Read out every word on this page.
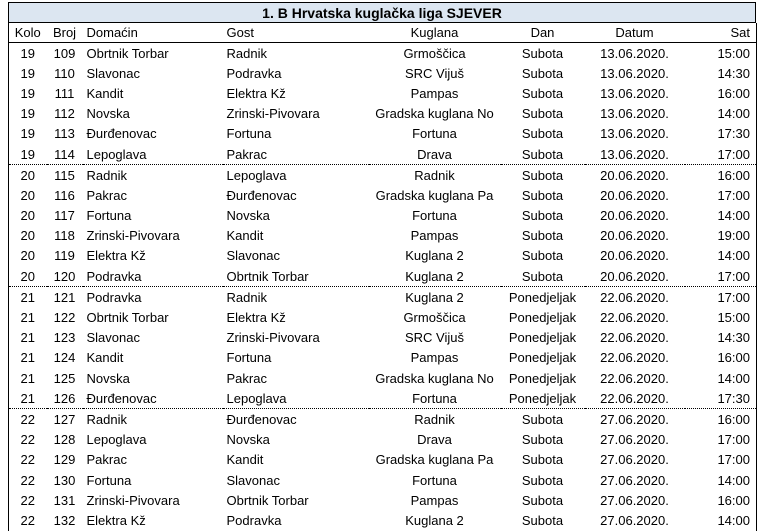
1. B Hrvatska kuglačka liga SJEVER
Kolo	Broj	Domaćin	Gost	Kuglana	Dan	Datum	Sat
19	109	Obrtnik Torbar	Radnik	Grmoščica	Subota	13.06.2020.	15:00
19	110	Slavonac	Podravka	SRC Vijuš	Subota	13.06.2020.	14:30
19	111	Kandit	Elektra Kž	Pampas	Subota	13.06.2020.	16:00
19	112	Novska	Zrinski-Pivovara	Gradska kuglana No	Subota	13.06.2020.	14:00
19	113	Đurđenovac	Fortuna	Fortuna	Subota	13.06.2020.	17:30
19	114	Lepoglava	Pakrac	Drava	Subota	13.06.2020.	17:00
20	115	Radnik	Lepoglava	Radnik	Subota	20.06.2020.	16:00
20	116	Pakrac	Đurđenovac	Gradska kuglana Pa	Subota	20.06.2020.	17:00
20	117	Fortuna	Novska	Fortuna	Subota	20.06.2020.	14:00
20	118	Zrinski-Pivovara	Kandit	Pampas	Subota	20.06.2020.	19:00
20	119	Elektra Kž	Slavonac	Kuglana 2	Subota	20.06.2020.	14:00
20	120	Podravka	Obrtnik Torbar	Kuglana 2	Subota	20.06.2020.	17:00
21	121	Podravka	Radnik	Kuglana 2	Ponedjeljak	22.06.2020.	17:00
21	122	Obrtnik Torbar	Elektra Kž	Grmoščica	Ponedjeljak	22.06.2020.	15:00
21	123	Slavonac	Zrinski-Pivovara	SRC Vijuš	Ponedjeljak	22.06.2020.	14:30
21	124	Kandit	Fortuna	Pampas	Ponedjeljak	22.06.2020.	16:00
21	125	Novska	Pakrac	Gradska kuglana No	Ponedjeljak	22.06.2020.	14:00
21	126	Đurđenovac	Lepoglava	Fortuna	Ponedjeljak	22.06.2020.	17:30
22	127	Radnik	Đurđenovac	Radnik	Subota	27.06.2020.	16:00
22	128	Lepoglava	Novska	Drava	Subota	27.06.2020.	17:00
22	129	Pakrac	Kandit	Gradska kuglana Pa	Subota	27.06.2020.	17:00
22	130	Fortuna	Slavonac	Fortuna	Subota	27.06.2020.	14:00
22	131	Zrinski-Pivovara	Obrtnik Torbar	Pampas	Subota	27.06.2020.	16:00
22	132	Elektra Kž	Podravka	Kuglana 2	Subota	27.06.2020.	14:00
